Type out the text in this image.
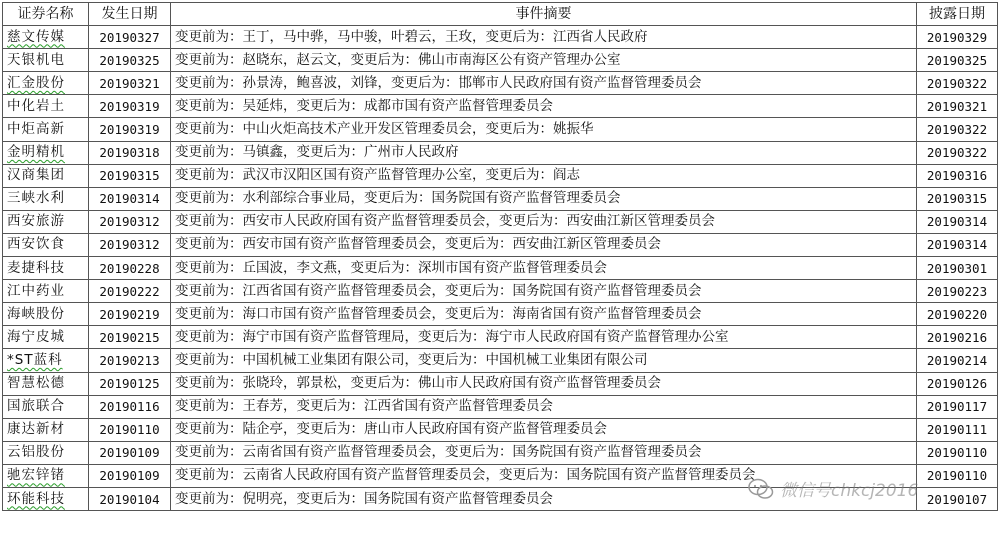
证券名称	发生日期	事件摘要	披露日期
慈文传媒	20190327	变更前为：王丁，马中骅，马中骏，叶碧云，王玫，变更后为：江西省人民政府	20190329
天银机电	20190325	变更前为：赵晓东，赵云文，变更后为：佛山市南海区公有资产管理办公室	20190325
汇金股份	20190321	变更前为：孙景涛，鲍喜波，刘锋，变更后为：邯郸市人民政府国有资产监督管理委员会	20190322
中化岩土	20190319	变更前为：吴延炜，变更后为：成都市国有资产监督管理委员会	20190321
中炬高新	20190319	变更前为：中山火炬高技术产业开发区管理委员会，变更后为：姚振华	20190322
金明精机	20190318	变更前为：马镇鑫，变更后为：广州市人民政府	20190322
汉商集团	20190315	变更前为：武汉市汉阳区国有资产监督管理办公室，变更后为：阎志	20190316
三峡水利	20190314	变更前为：水利部综合事业局，变更后为：国务院国有资产监督管理委员会	20190315
西安旅游	20190312	变更前为：西安市人民政府国有资产监督管理委员会，变更后为：西安曲江新区管理委员会	20190314
西安饮食	20190312	变更前为：西安市国有资产监督管理委员会，变更后为：西安曲江新区管理委员会	20190314
麦捷科技	20190228	变更前为：丘国波，李文燕，变更后为：深圳市国有资产监督管理委员会	20190301
江中药业	20190222	变更前为：江西省国有资产监督管理委员会，变更后为：国务院国有资产监督管理委员会	20190223
海峡股份	20190219	变更前为：海口市国有资产监督管理委员会，变更后为：海南省国有资产监督管理委员会	20190220
海宁皮城	20190215	变更前为：海宁市国有资产监督管理局，变更后为：海宁市人民政府国有资产监督管理办公室	20190216
*ST蓝科	20190213	变更前为：中国机械工业集团有限公司，变更后为：中国机械工业集团有限公司	20190214
智慧松德	20190125	变更前为：张晓玲，郭景松，变更后为：佛山市人民政府国有资产监督管理委员会	20190126
国旅联合	20190116	变更前为：王春芳，变更后为：江西省国有资产监督管理委员会	20190117
康达新材	20190110	变更前为：陆企亭，变更后为：唐山市人民政府国有资产监督管理委员会	20190111
云铝股份	20190109	变更前为：云南省国有资产监督管理委员会，变更后为：国务院国有资产监督管理委员会	20190110
驰宏锌锗	20190109	变更前为：云南省人民政府国有资产监督管理委员会，变更后为：国务院国有资产监督管理委员会	20190110
环能科技	20190104	变更前为：倪明亮，变更后为：国务院国有资产监督管理委员会	20190107
微信号chkcj2016
